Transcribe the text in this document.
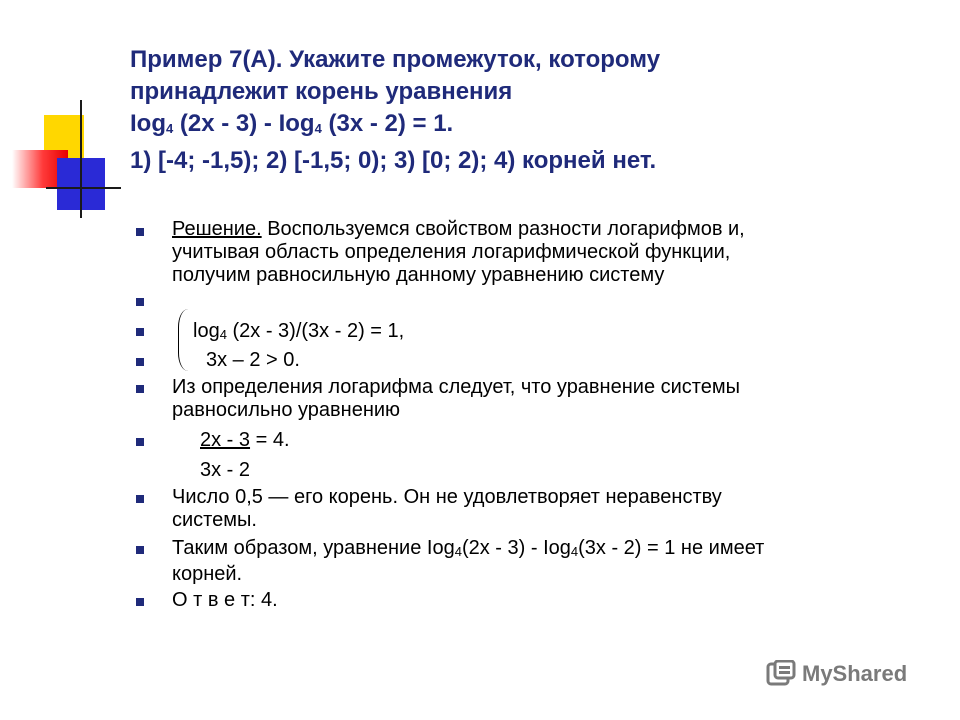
Пример 7(А). Укажите промежуток, которому
принадлежит корень уравнения
Iog$_4$ (2x - 3) - Iog$_4$ (3x - 2) = 1.
1) [-4; -1,5); 2) [-1,5; 0); 3) [0; 2); 4) корней нет.
Решение. Воспользуемся свойством разности логарифмов и,
учитывая область определения логарифмической функции,
получим равносильную данному уравнению систему
$\log_4 (2x - 3)/(3x - 2) = 1$,
3x – 2 > 0.
Из определения логарифма следует, что уравнение системы
равносильно уравнению
2x - 3 = 4.
3x - 2
Число 0,5 — его корень. Он не удовлетворяет неравенству
системы.
Таким образом, уравнение Iog$_4$(2x - 3) - Iog$_4$(3x - 2) = 1 не имеет
корней.
О т в е т: 4.
MyShared
